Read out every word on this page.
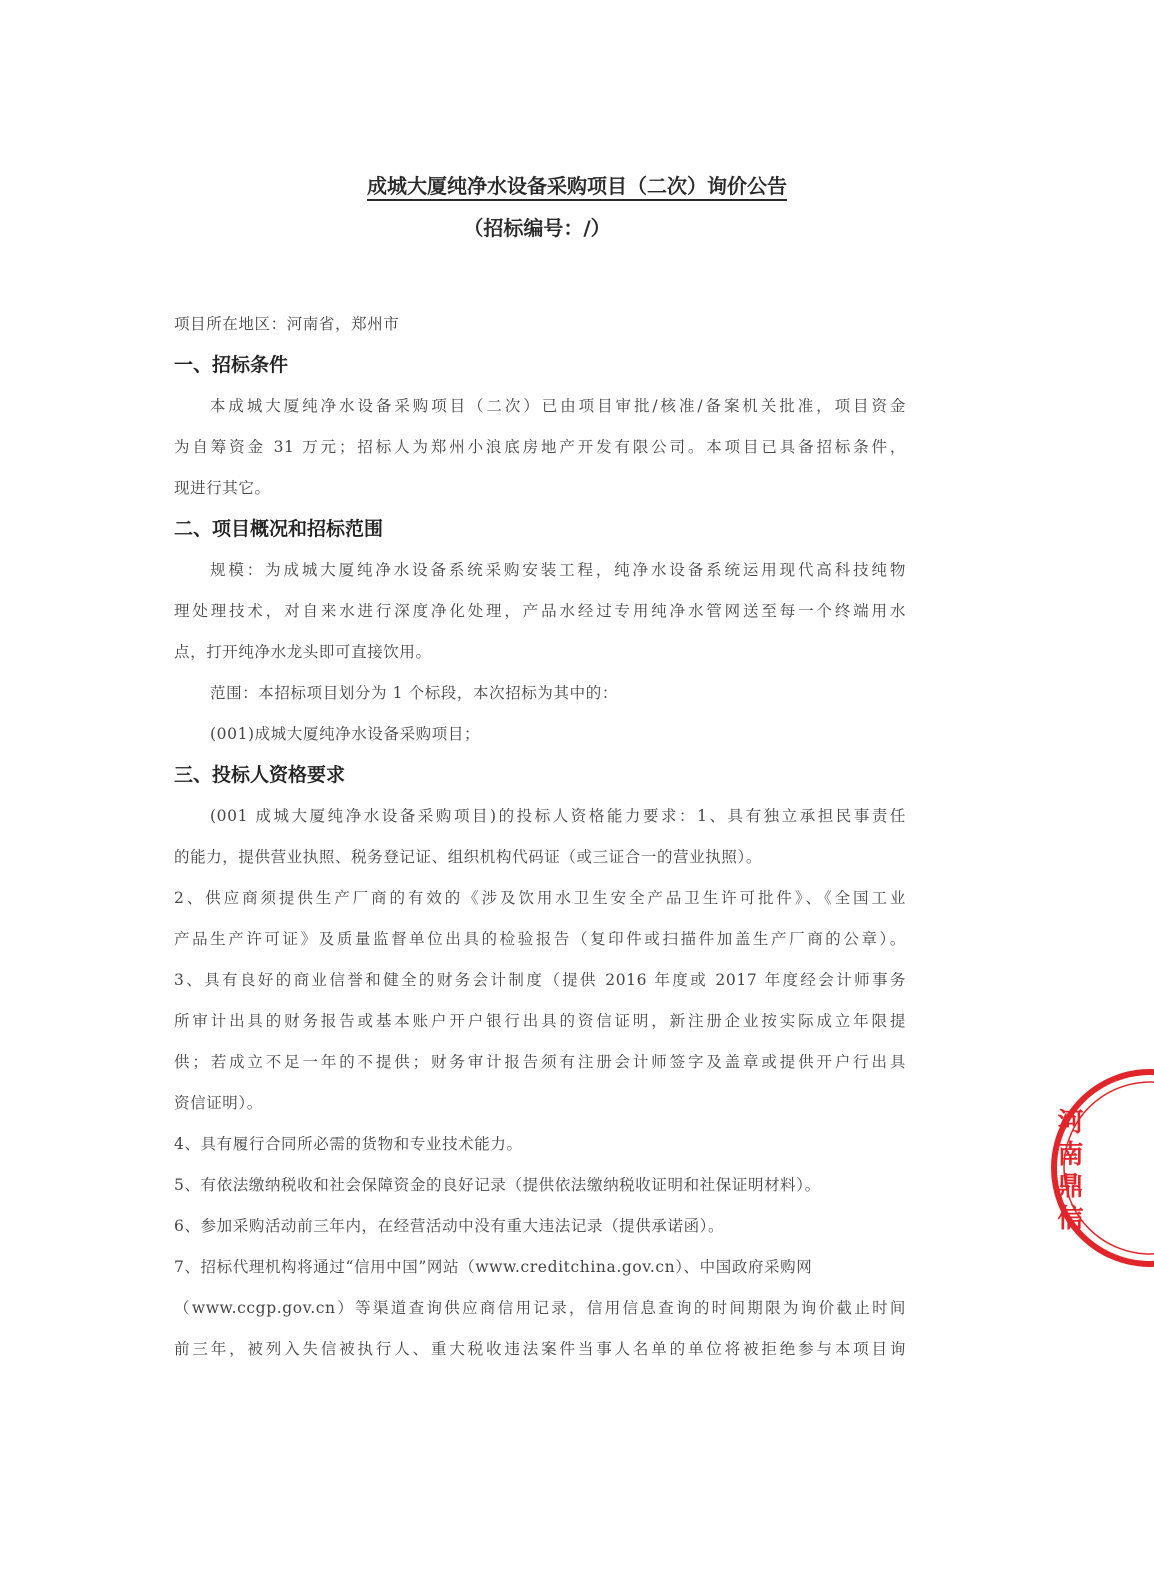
成城大厦纯净水设备采购项目（二次）询价公告
（招标编号：/）
项目所在地区：河南省，郑州市
一、招标条件
本成城大厦纯净水设备采购项目（二次）已由项目审批/核准/备案机关批准，项目资金
为自筹资金 31 万元；招标人为郑州小浪底房地产开发有限公司。本项目已具备招标条件，
现进行其它。
二、项目概况和招标范围
规模：为成城大厦纯净水设备系统采购安装工程，纯净水设备系统运用现代高科技纯物
理处理技术，对自来水进行深度净化处理，产品水经过专用纯净水管网送至每一个终端用水
点，打开纯净水龙头即可直接饮用。
范围：本招标项目划分为 1 个标段，本次招标为其中的：
(001)成城大厦纯净水设备采购项目；
三、投标人资格要求
(001 成城大厦纯净水设备采购项目)的投标人资格能力要求：1、具有独立承担民事责任
的能力，提供营业执照、税务登记证、组织机构代码证（或三证合一的营业执照）。
2、供应商须提供生产厂商的有效的《涉及饮用水卫生安全产品卫生许可批件》、《全国工业
产品生产许可证》及质量监督单位出具的检验报告（复印件或扫描件加盖生产厂商的公章）。
3、具有良好的商业信誉和健全的财务会计制度（提供 2016 年度或 2017 年度经会计师事务
所审计出具的财务报告或基本账户开户银行出具的资信证明，新注册企业按实际成立年限提
供；若成立不足一年的不提供；财务审计报告须有注册会计师签字及盖章或提供开户行出具
资信证明）。
4、具有履行合同所必需的货物和专业技术能力。
5、有依法缴纳税收和社会保障资金的良好记录（提供依法缴纳税收证明和社保证明材料）。
6、参加采购活动前三年内，在经营活动中没有重大违法记录（提供承诺函）。
7、招标代理机构将通过“信用中国”网站（www.creditchina.gov.cn）、中国政府采购网
（www.ccgp.gov.cn）等渠道查询供应商信用记录，信用信息查询的时间期限为询价截止时间
前三年，被列入失信被执行人、重大税收违法案件当事人名单的单位将被拒绝参与本项目询
河南鼎信
